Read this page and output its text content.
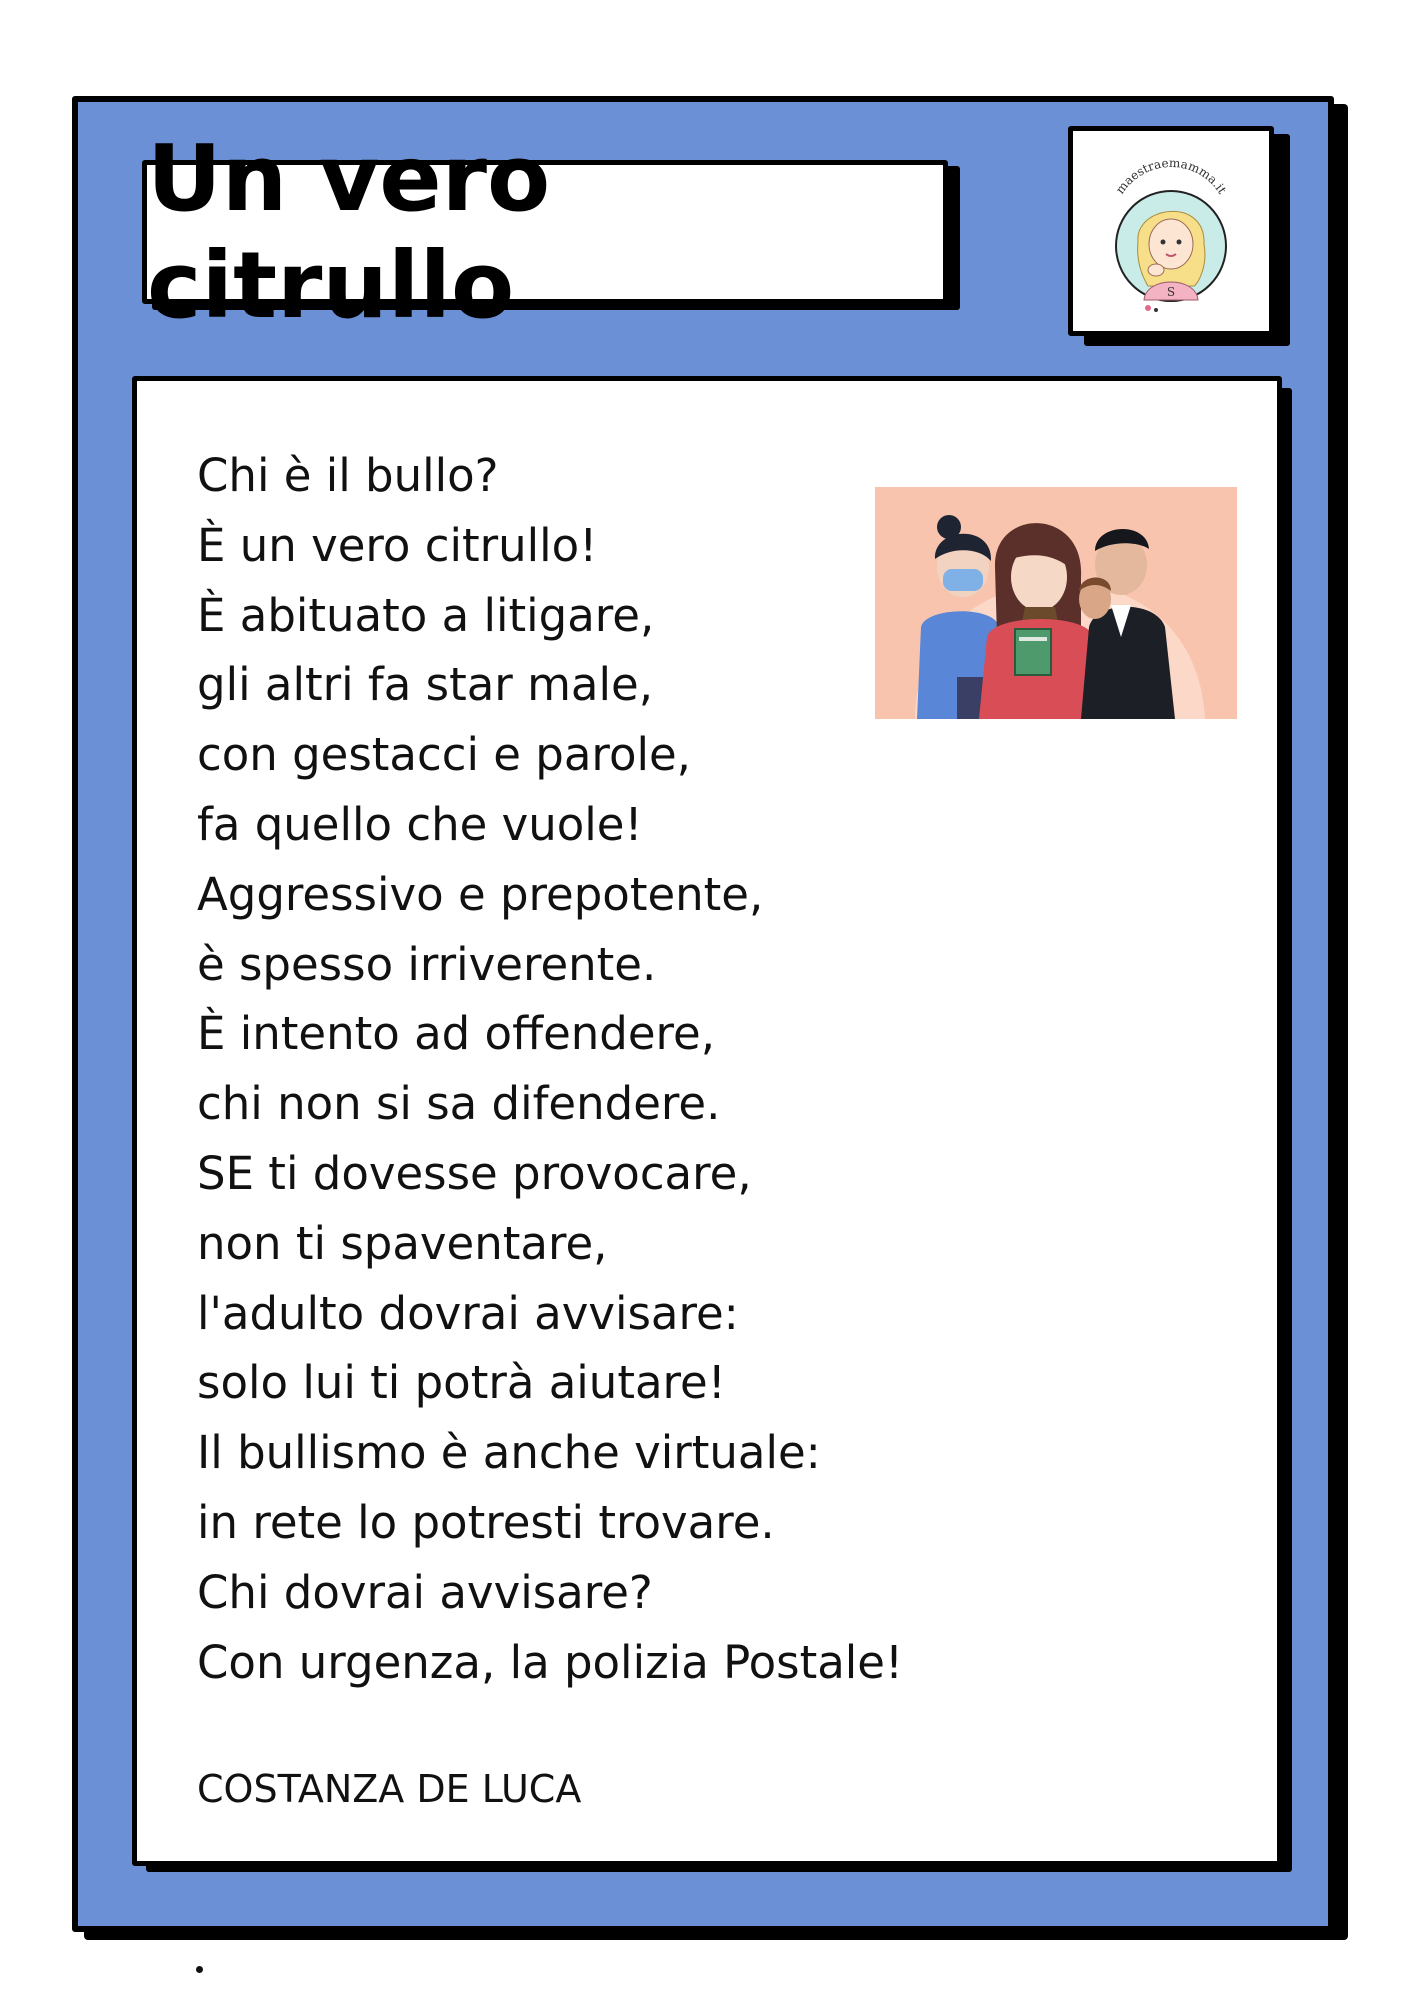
Un vero citrullo
maestraemamma.it
S
Chi è il bullo?
È un vero citrullo!
È abituato a litigare,
gli altri fa star male,
con gestacci e parole,
fa quello che vuole!
Aggressivo e prepotente,
è spesso irriverente.
È intento ad offendere,
chi non si sa difendere.
SE ti dovesse provocare,
non ti spaventare,
l'adulto dovrai avvisare:
solo lui ti potrà aiutare!
Il bullismo è anche virtuale:
in rete lo potresti trovare.
Chi dovrai avvisare?
Con urgenza, la polizia Postale!
COSTANZA DE LUCA
